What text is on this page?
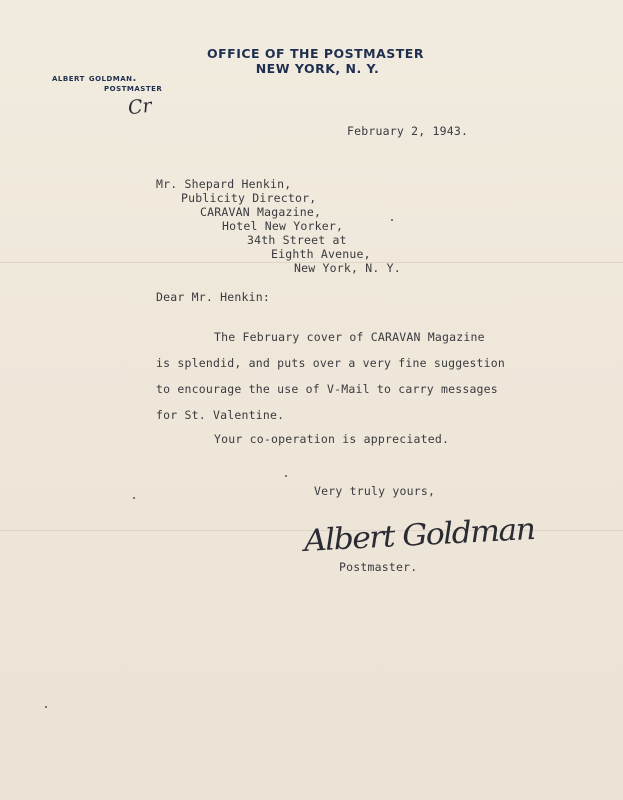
OFFICE OF THE POSTMASTER
NEW YORK, N. Y.
albert goldman.
POSTMASTER
Cr
February 2, 1943.
Mr. Shepard Henkin,
Publicity Director,
CARAVAN Magazine,
Hotel New Yorker,
34th Street at
Eighth Avenue,
New York, N. Y.
Dear Mr. Henkin:
The February cover of CARAVAN Magazine
is splendid, and puts over a very fine suggestion
to encourage the use of V-Mail to carry messages
for St. Valentine.
Your co-operation is appreciated.
Very truly yours,
Albert Goldman
Postmaster.
